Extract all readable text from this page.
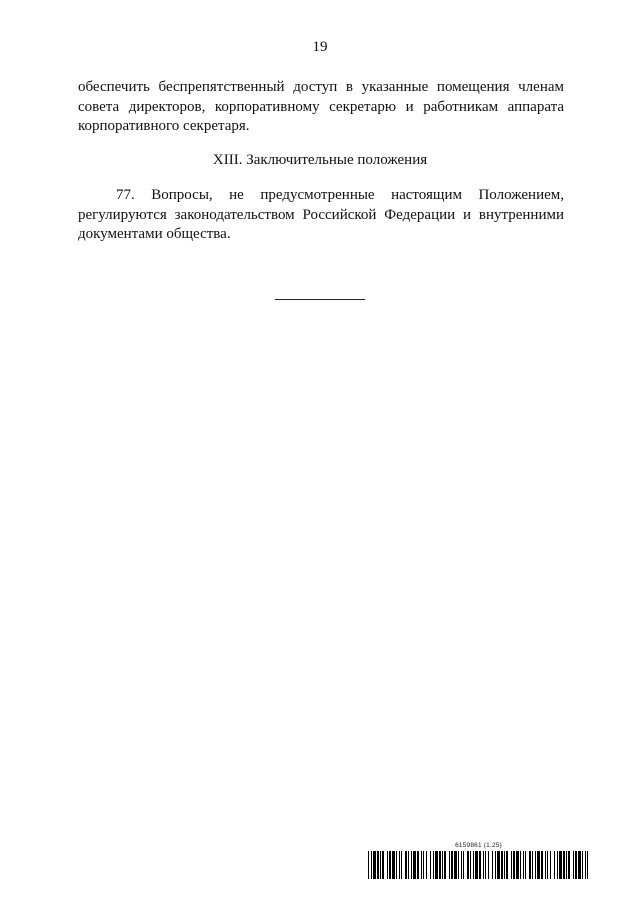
19
обеспечить беспрепятственный доступ в указанные помещения членам
совета директоров, корпоративному секретарю и работникам аппарата
корпоративного секретаря.
XIII. Заключительные положения
77. Вопросы, не предусмотренные настоящим Положением,
регулируются законодательством Российской Федерации и внутренними
документами общества.
6159861 (1.25)
